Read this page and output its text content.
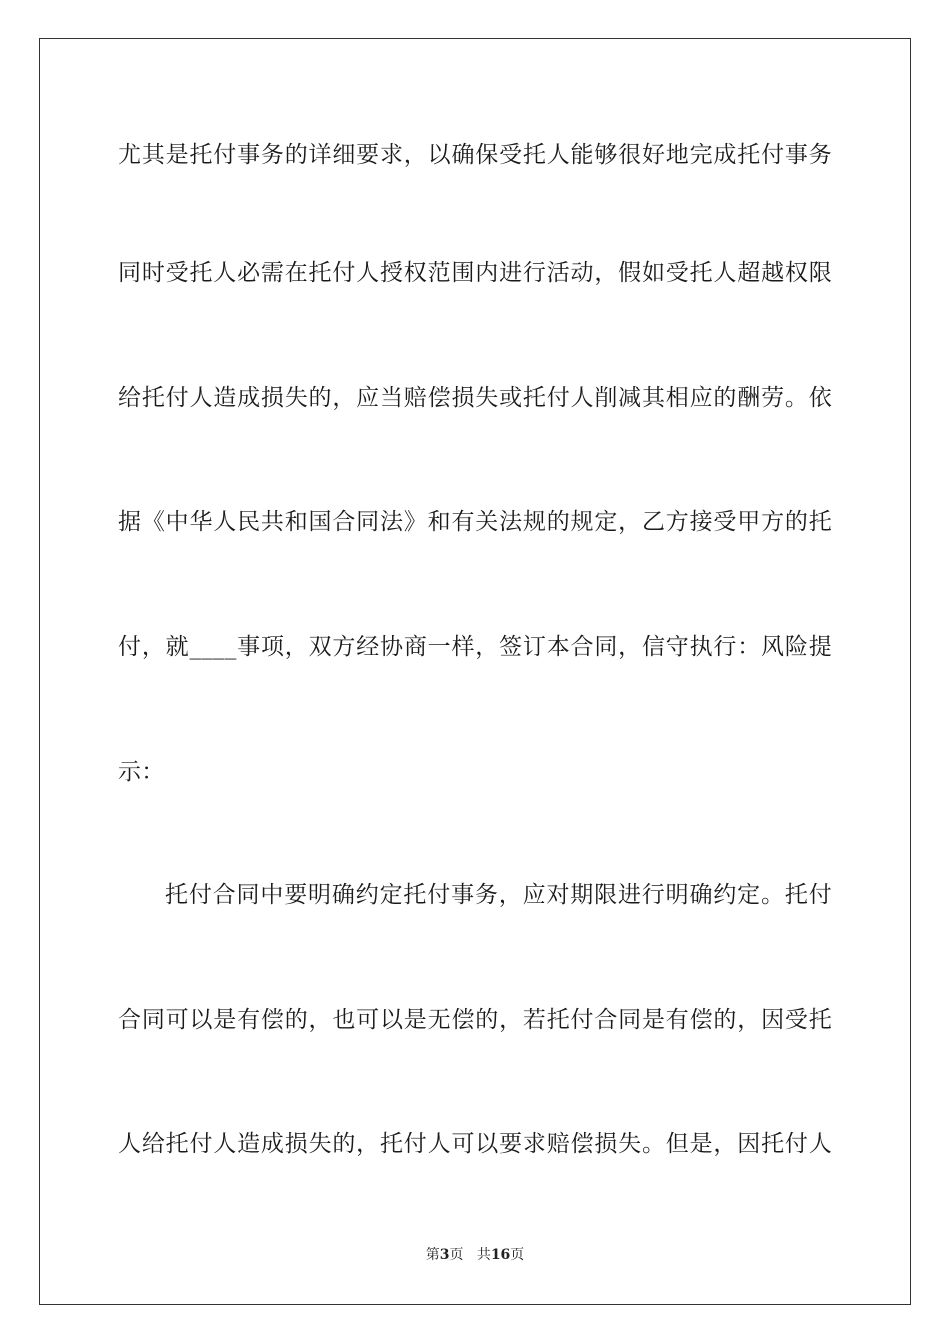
尤其是托付事务的详细要求，以确保受托人能够很好地完成托付事务
同时受托人必需在托付人授权范围内进行活动，假如受托人超越权限
给托付人造成损失的，应当赔偿损失或托付人削减其相应的酬劳。依
据《中华人民共和国合同法》和有关法规的规定，乙方接受甲方的托
付，就____事项，双方经协商一样，签订本合同，信守执行：风险提
示：
托付合同中要明确约定托付事务，应对期限进行明确约定。托付
合同可以是有偿的，也可以是无偿的，若托付合同是有偿的，因受托
人给托付人造成损失的，托付人可以要求赔偿损失。但是，因托付人
第3页 共16页
